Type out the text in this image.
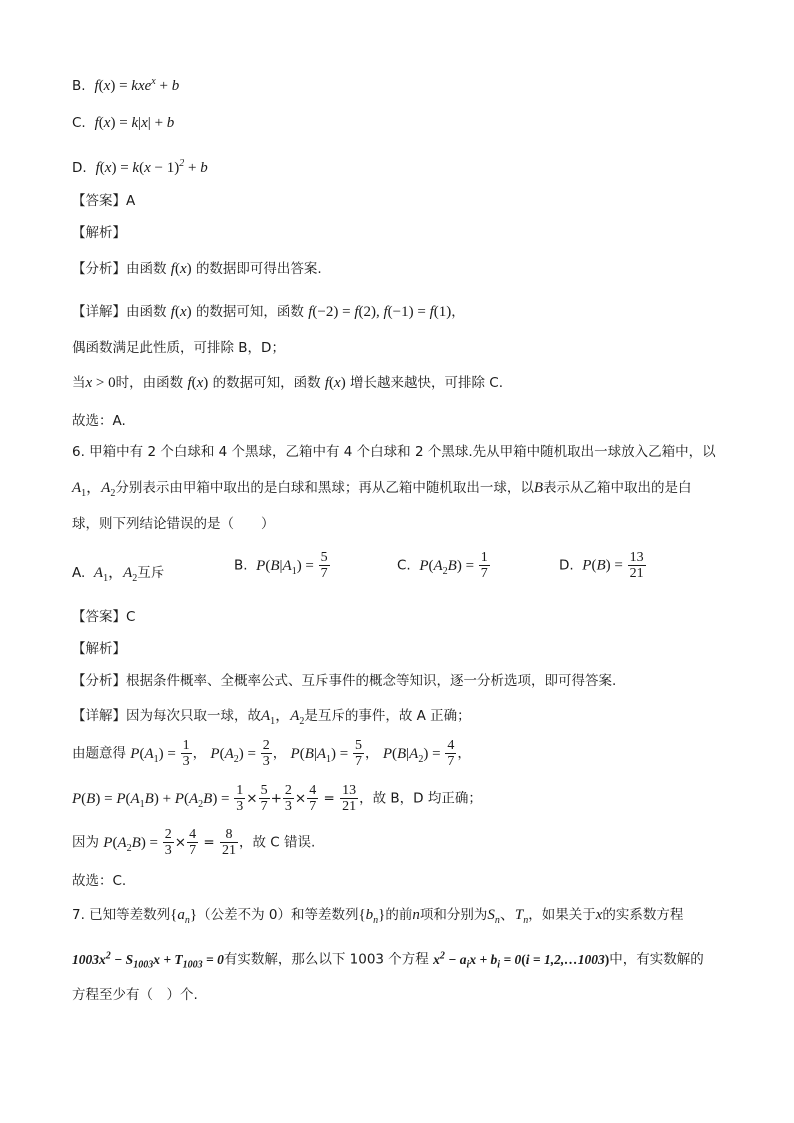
B. f(x) = kxe$^x$ + b
C. f(x) = k|x| + b
D. $f(x) = k(x - 1)^2 + b$
【答案】A
【解析】
【分析】由函数 f(x) 的数据即可得出答案.
【详解】由函数 f(x) 的数据可知，函数 f(−2) = f(2), f(−1) = f(1)，
偶函数满足此性质，可排除 B，D；
当x > 0时，由函数 f(x) 的数据可知，函数 f(x) 增长越来越快，可排除 C.
故选：A.
6. 甲箱中有 2 个白球和 4 个黑球，乙箱中有 4 个白球和 2 个黑球.先从甲箱中随机取出一球放入乙箱中，以
$A_1$，$A_2$分别表示由甲箱中取出的是白球和黑球；再从乙箱中随机取出一球，以B表示从乙箱中取出的是白
球，则下列结论错误的是（　　）
A. $A_1$，$A_2$互斥	B. $P(B|A_1) = \frac{5}{7}$	C. $P(A_2B) = \frac{1}{7}$	D. $P(B) = \frac{13}{21}$
【答案】C
【解析】
【分析】根据条件概率、全概率公式、互斥事件的概念等知识，逐一分析选项，即可得答案.
【详解】因为每次只取一球，故$A_1$，$A_2$是互斥的事件，故 A 正确；
由题意得 $P(A_1) = \frac{1}{3}$ ， $P(A_2) = \frac{2}{3}$ ， $P(B|A_1) = \frac{5}{7}$ ， $P(B|A_2) = \frac{4}{7}$ ，
$P(B) = P(A_1B) + P(A_2B) = \frac{1}{3} \times \frac{5}{7} + \frac{2}{3} \times \frac{4}{7} = \frac{13}{21}$ ，故 B，D 均正确；
因为 $P(A_2B) = \frac{2}{3} \times \frac{4}{7} = \frac{8}{21}$ ，故 C 错误.
故选：C.
7. 已知等差数列$\{a_n\}$（公差不为 0）和等差数列$\{b_n\}$的前n项和分别为$S_n$、$T_n$，如果关于x的实系数方程
$1003x^2 - S_{1003}x + T_{1003} = 0$有实数解，那么以下 1003 个方程 $x^2 - a_ix + b_i = 0(i$ = 1,2,…1003)中，有实数解的
方程至少有（　）个.
